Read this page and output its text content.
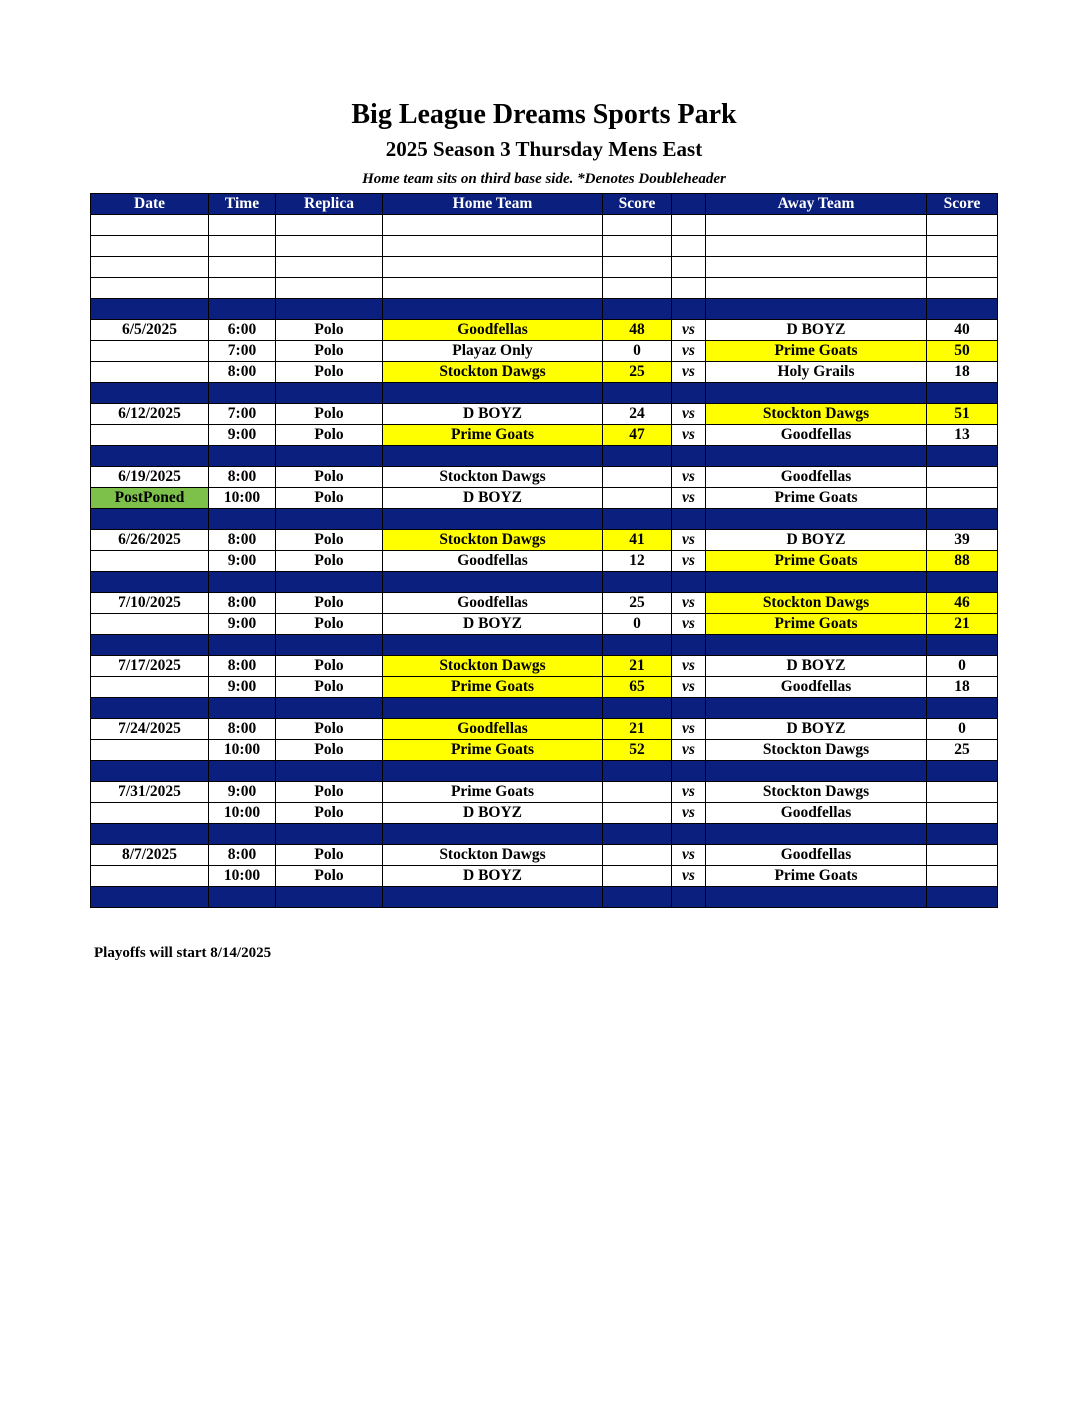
Big League Dreams Sports Park
2025 Season 3 Thursday Mens East
Home team sits on third base side. *Denotes Doubleheader
Date	Time	Replica	Home Team	Score		Away Team	Score

6/5/2025	6:00	Polo	Goodfellas	48	vs	D BOYZ	40
	7:00	Polo	Playaz Only	0	vs	Prime Goats	50
	8:00	Polo	Stockton Dawgs	25	vs	Holy Grails	18

6/12/2025	7:00	Polo	D BOYZ	24	vs	Stockton Dawgs	51
	9:00	Polo	Prime Goats	47	vs	Goodfellas	13

6/19/2025	8:00	Polo	Stockton Dawgs		vs	Goodfellas	
PostPoned	10:00	Polo	D BOYZ		vs	Prime Goats	

6/26/2025	8:00	Polo	Stockton Dawgs	41	vs	D BOYZ	39
	9:00	Polo	Goodfellas	12	vs	Prime Goats	88

7/10/2025	8:00	Polo	Goodfellas	25	vs	Stockton Dawgs	46
	9:00	Polo	D BOYZ	0	vs	Prime Goats	21

7/17/2025	8:00	Polo	Stockton Dawgs	21	vs	D BOYZ	0
	9:00	Polo	Prime Goats	65	vs	Goodfellas	18

7/24/2025	8:00	Polo	Goodfellas	21	vs	D BOYZ	0
	10:00	Polo	Prime Goats	52	vs	Stockton Dawgs	25

7/31/2025	9:00	Polo	Prime Goats		vs	Stockton Dawgs	
	10:00	Polo	D BOYZ		vs	Goodfellas	

8/7/2025	8:00	Polo	Stockton Dawgs		vs	Goodfellas	
	10:00	Polo	D BOYZ		vs	Prime Goats	

Playoffs will start 8/14/2025
